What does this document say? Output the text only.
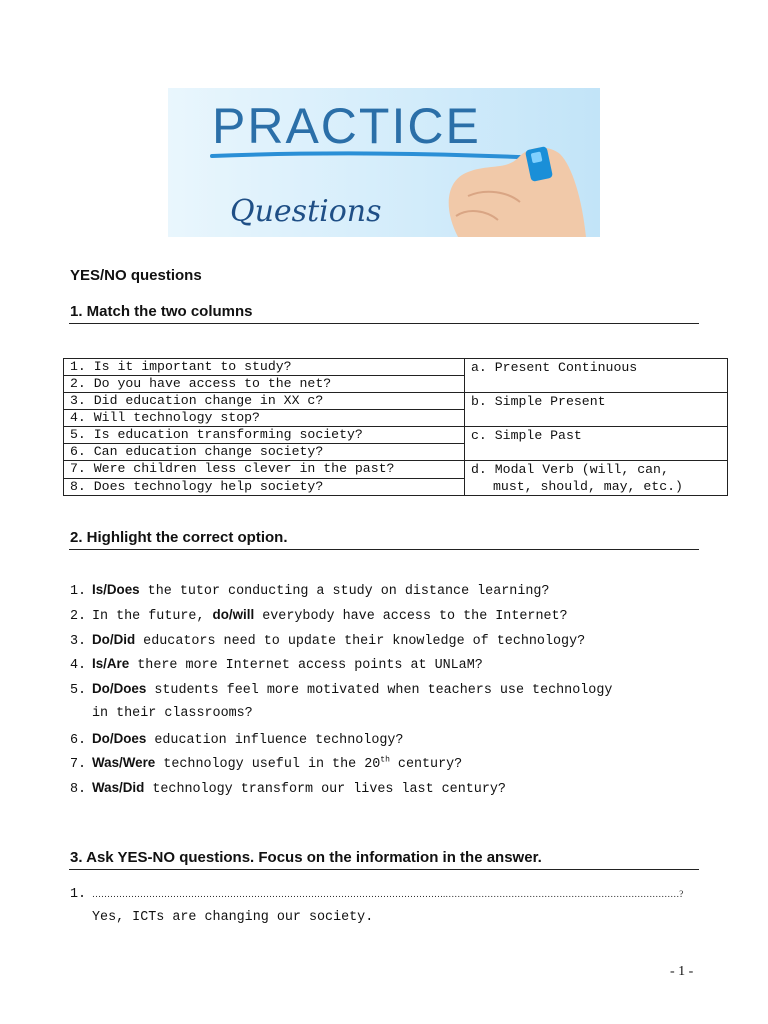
PRACTICE
Questions
YES/NO questions
1. Match the two columns
1. Is it important to study?	a. Present Continuous

2. Do you have access to the net?	
3. Did education change in XX c?	b. Simple Present

4. Will technology stop?	
5. Is education transforming society?	c. Simple Past

6. Can education change society?	
7. Were children less clever in the past?	d. Modal Verb (will, can,
must, should, may, etc.)

8. Does technology help society?	
2. Highlight the correct option.
1. Is/Does the tutor conducting a study on distance learning?
2. In the future, do/will everybody have access to the Internet?
3. Do/Did educators need to update their knowledge of technology?
4. Is/Are there more Internet access points at UNLaM?
5. Do/Does students feel more motivated when teachers use technology
in their classrooms?
6. Do/Does education influence technology?
7. Was/Were technology useful in the 20th century?
8. Was/Did technology transform our lives last century?
3. Ask YES-NO questions. Focus on the information in the answer.
1. ……………………………………………………………………………………………………….……………………………………………………………………?
Yes, ICTs are changing our society.
- 1 -
